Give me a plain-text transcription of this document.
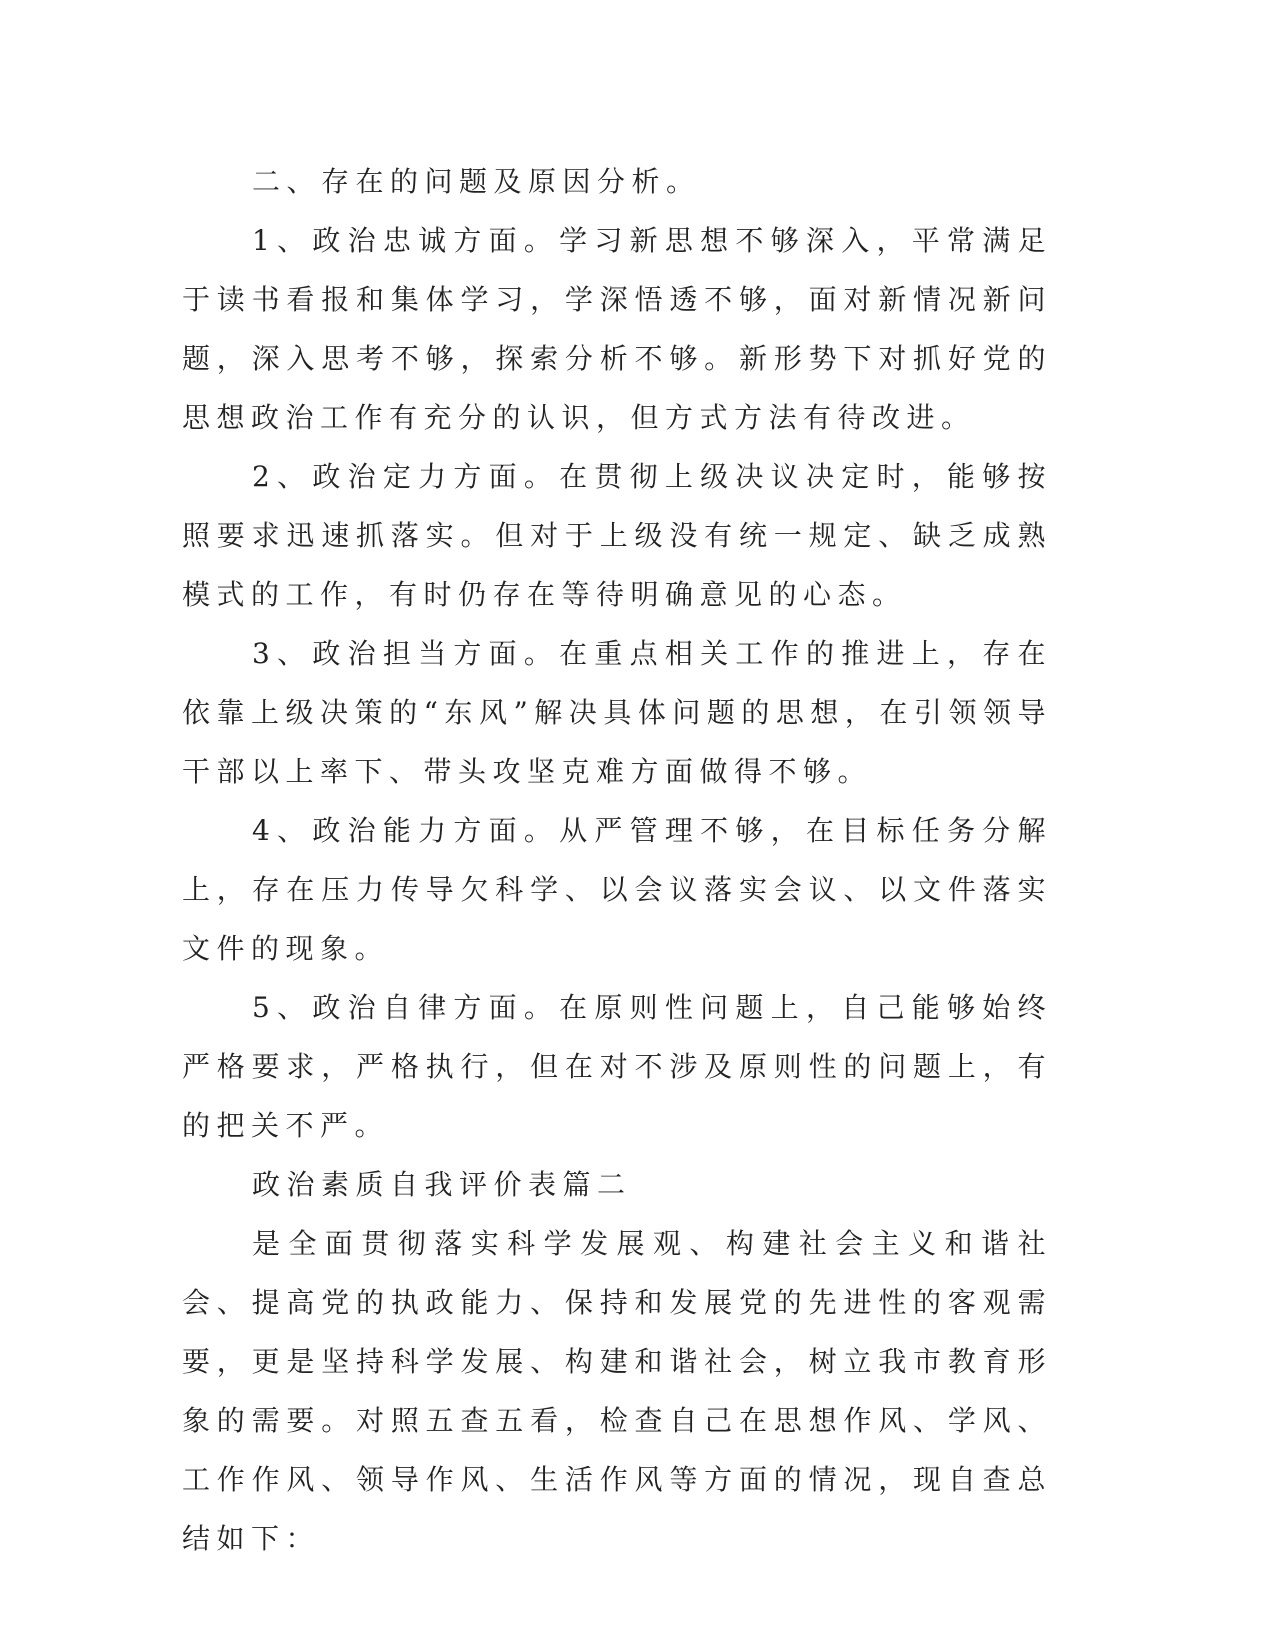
二、存在的问题及原因分析。

1、政治忠诚方面。学习新思想不够深入，平常满足于读书看报和集体学习，学深悟透不够，面对新情况新问题，深入思考不够，探索分析不够。新形势下对抓好党的思想政治工作有充分的认识，但方式方法有待改进。

2、政治定力方面。在贯彻上级决议决定时，能够按照要求迅速抓落实。但对于上级没有统一规定、缺乏成熟模式的工作，有时仍存在等待明确意见的心态。

3、政治担当方面。在重点相关工作的推进上，存在依靠上级决策的“东风”解决具体问题的思想，在引领领导干部以上率下、带头攻坚克难方面做得不够。

4、政治能力方面。从严管理不够，在目标任务分解上，存在压力传导欠科学、以会议落实会议、以文件落实文件的现象。

5、政治自律方面。在原则性问题上，自己能够始终严格要求，严格执行，但在对不涉及原则性的问题上，有的把关不严。

政治素质自我评价表篇二

是全面贯彻落实科学发展观、构建社会主义和谐社会、提高党的执政能力、保持和发展党的先进性的客观需要，更是坚持科学发展、构建和谐社会，树立我市教育形象的需要。对照五查五看，检查自己在思想作风、学风、工作作风、领导作风、生活作风等方面的情况，现自查总结如下：
